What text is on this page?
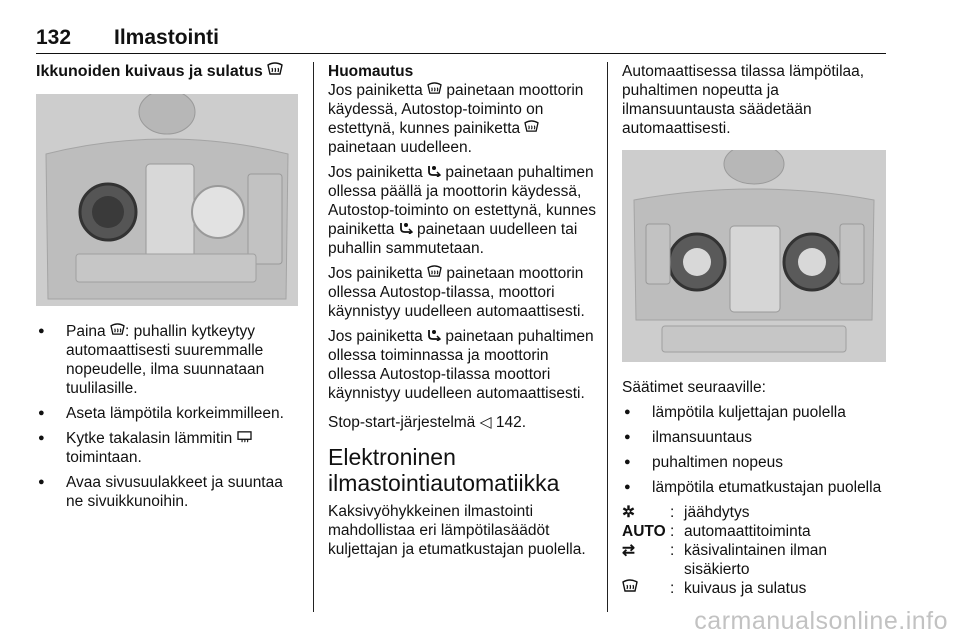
132 Ilmastointi
Ikkunoiden kuivaus ja sulatus
● Paina : puhallin kytkeytyy automaattisesti suuremmalle nopeudelle, ilma suunnataan tuulilasille.
● Aseta lämpötila korkeimmilleen.
● Kytke takalasin lämmitin
toimintaan.
● Avaa sivusuulakkeet ja suuntaa ne sivuikkunoihin.
Huomautus

Jos painiketta painetaan moottorin käydessä, Autostop-toiminto on estettynä, kunnes painiketta  painetaan uudelleen.

Jos painiketta painetaan puhaltimen ollessa päällä ja moottorin käydessä, Autostop-toiminto on estettynä, kunnes painiketta painetaan uudelleen tai puhallin sammutetaan.

Jos painiketta painetaan moottorin ollessa Autostop-tilassa, moottori käynnistyy uudelleen automaattisesti.

Jos painiketta painetaan puhaltimen ollessa toiminnassa ja moottorin ollessa Autostop-tilassa moottori käynnistyy uudelleen automaattisesti.

Stop-start-järjestelmä ◁ 142.

Elektroninen ilmastointiautomatiikka

Kaksivyöhykkeinen ilmastointi mahdollistaa eri lämpötilasäädöt kuljettajan ja etumatkustajan puolella.

Automaattisessa tilassa lämpötilaa, puhaltimen nopeutta ja ilmansuuntausta säädetään automaattisesti.

Säätimet seuraaville:

● lämpötila kuljettajan puolella
● ilmansuuntaus
● puhaltimen nopeus
● lämpötila etumatkustajan puolella
✲	: jäähdytys
AUTO : automaattitoiminta
⇄	: käsivalintainen ilman sisäkierto
: kuivaus ja sulatus
carmanualsonline.info
